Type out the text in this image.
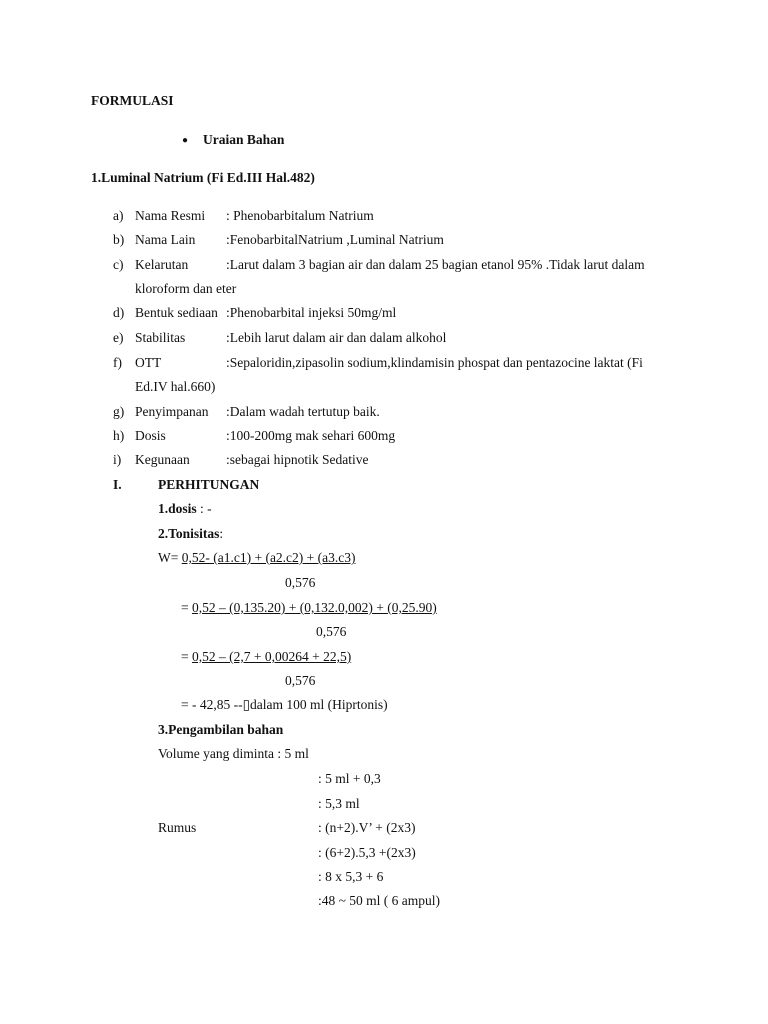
FORMULASI
● Uraian Bahan
1.Luminal Natrium (Fi Ed.III Hal.482)
a) Nama Resmi : Phenobarbitalum Natrium
b) Nama Lain :FenobarbitalNatrium ,Luminal Natrium
c) Kelarutan	:Larut dalam 3 bagian air dan dalam 25 bagian etanol 95% .Tidak larut dalam
kloroform dan eter
d) Bentuk sediaan :Phenobarbital injeksi 50mg/ml
e) Stabilitas	:Lebih larut dalam air dan dalam alkohol
f) OTT	:Sepaloridin,zipasolin sodium,klindamisin phospat dan pentazocine laktat (Fi
Ed.IV hal.660)
g) Penyimpanan :Dalam wadah tertutup baik.
h) Dosis	:100-200mg mak sehari 600mg
i) Kegunaan	:sebagai hipnotik Sedative
I.	PERHITUNGAN
1.dosis : -
2.Tonisitas:
W= 0,52- (a1.c1) + (a2.c2) + (a3.c3)
0,576
= 0,52 – (0,135.20) + (0,132.0,002) + (0,25.90)
0,576
= 0,52 – (2,7 + 0,00264 + 22,5)
0,576
= - 42,85 --▯dalam 100 ml (Hiprtonis)
3.Pengambilan bahan
Volume yang diminta : 5 ml
: 5 ml + 0,3
: 5,3 ml
Rumus	: (n+2).V’ + (2x3)
: (6+2).5,3 +(2x3)
: 8 x 5,3 + 6
:48 ~ 50 ml ( 6 ampul)
